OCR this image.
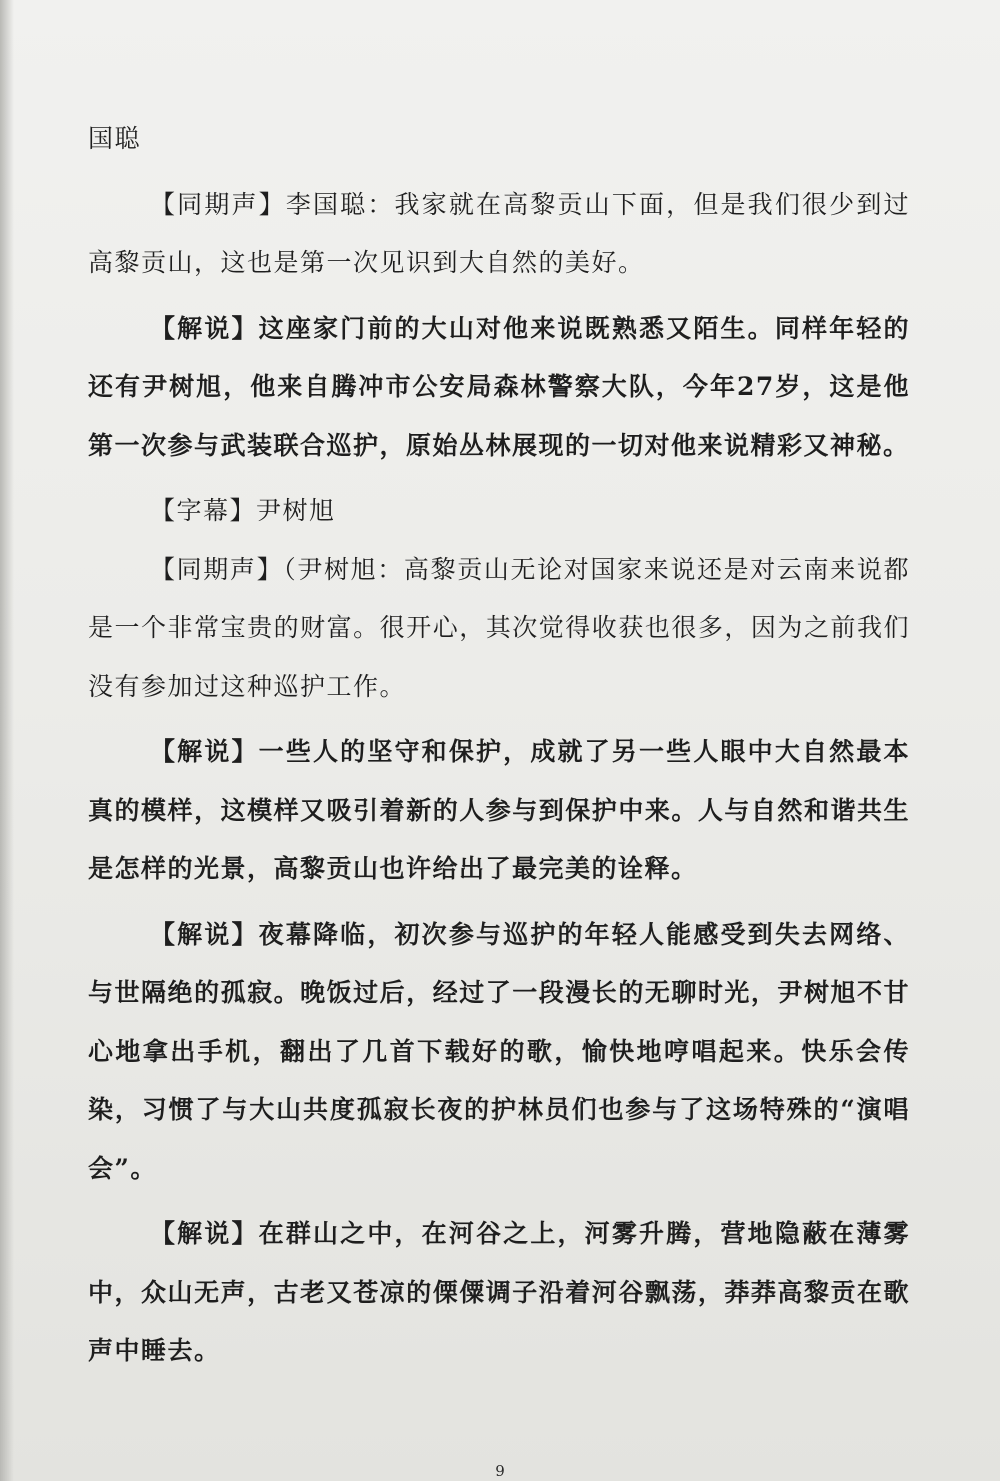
国聪

【同期声】李国聪：我家就在高黎贡山下面，但是我们很少到过高黎贡山，这也是第一次见识到大自然的美好。

【解说】这座家门前的大山对他来说既熟悉又陌生。同样年轻的还有尹树旭，他来自腾冲市公安局森林警察大队，今年27岁，这是他第一次参与武装联合巡护，原始丛林展现的一切对他来说精彩又神秘。

【字幕】尹树旭

【同期声】（尹树旭：高黎贡山无论对国家来说还是对云南来说都是一个非常宝贵的财富。很开心，其次觉得收获也很多，因为之前我们没有参加过这种巡护工作。

【解说】一些人的坚守和保护，成就了另一些人眼中大自然最本真的模样，这模样又吸引着新的人参与到保护中来。人与自然和谐共生是怎样的光景，高黎贡山也许给出了最完美的诠释。

【解说】夜幕降临，初次参与巡护的年轻人能感受到失去网络、与世隔绝的孤寂。晚饭过后，经过了一段漫长的无聊时光，尹树旭不甘心地拿出手机，翻出了几首下载好的歌，愉快地哼唱起来。快乐会传染，习惯了与大山共度孤寂长夜的护林员们也参与了这场特殊的“演唱会”。

【解说】在群山之中，在河谷之上，河雾升腾，营地隐蔽在薄雾中，众山无声，古老又苍凉的傈僳调子沿着河谷飘荡，莽莽高黎贡在歌声中睡去。

9
